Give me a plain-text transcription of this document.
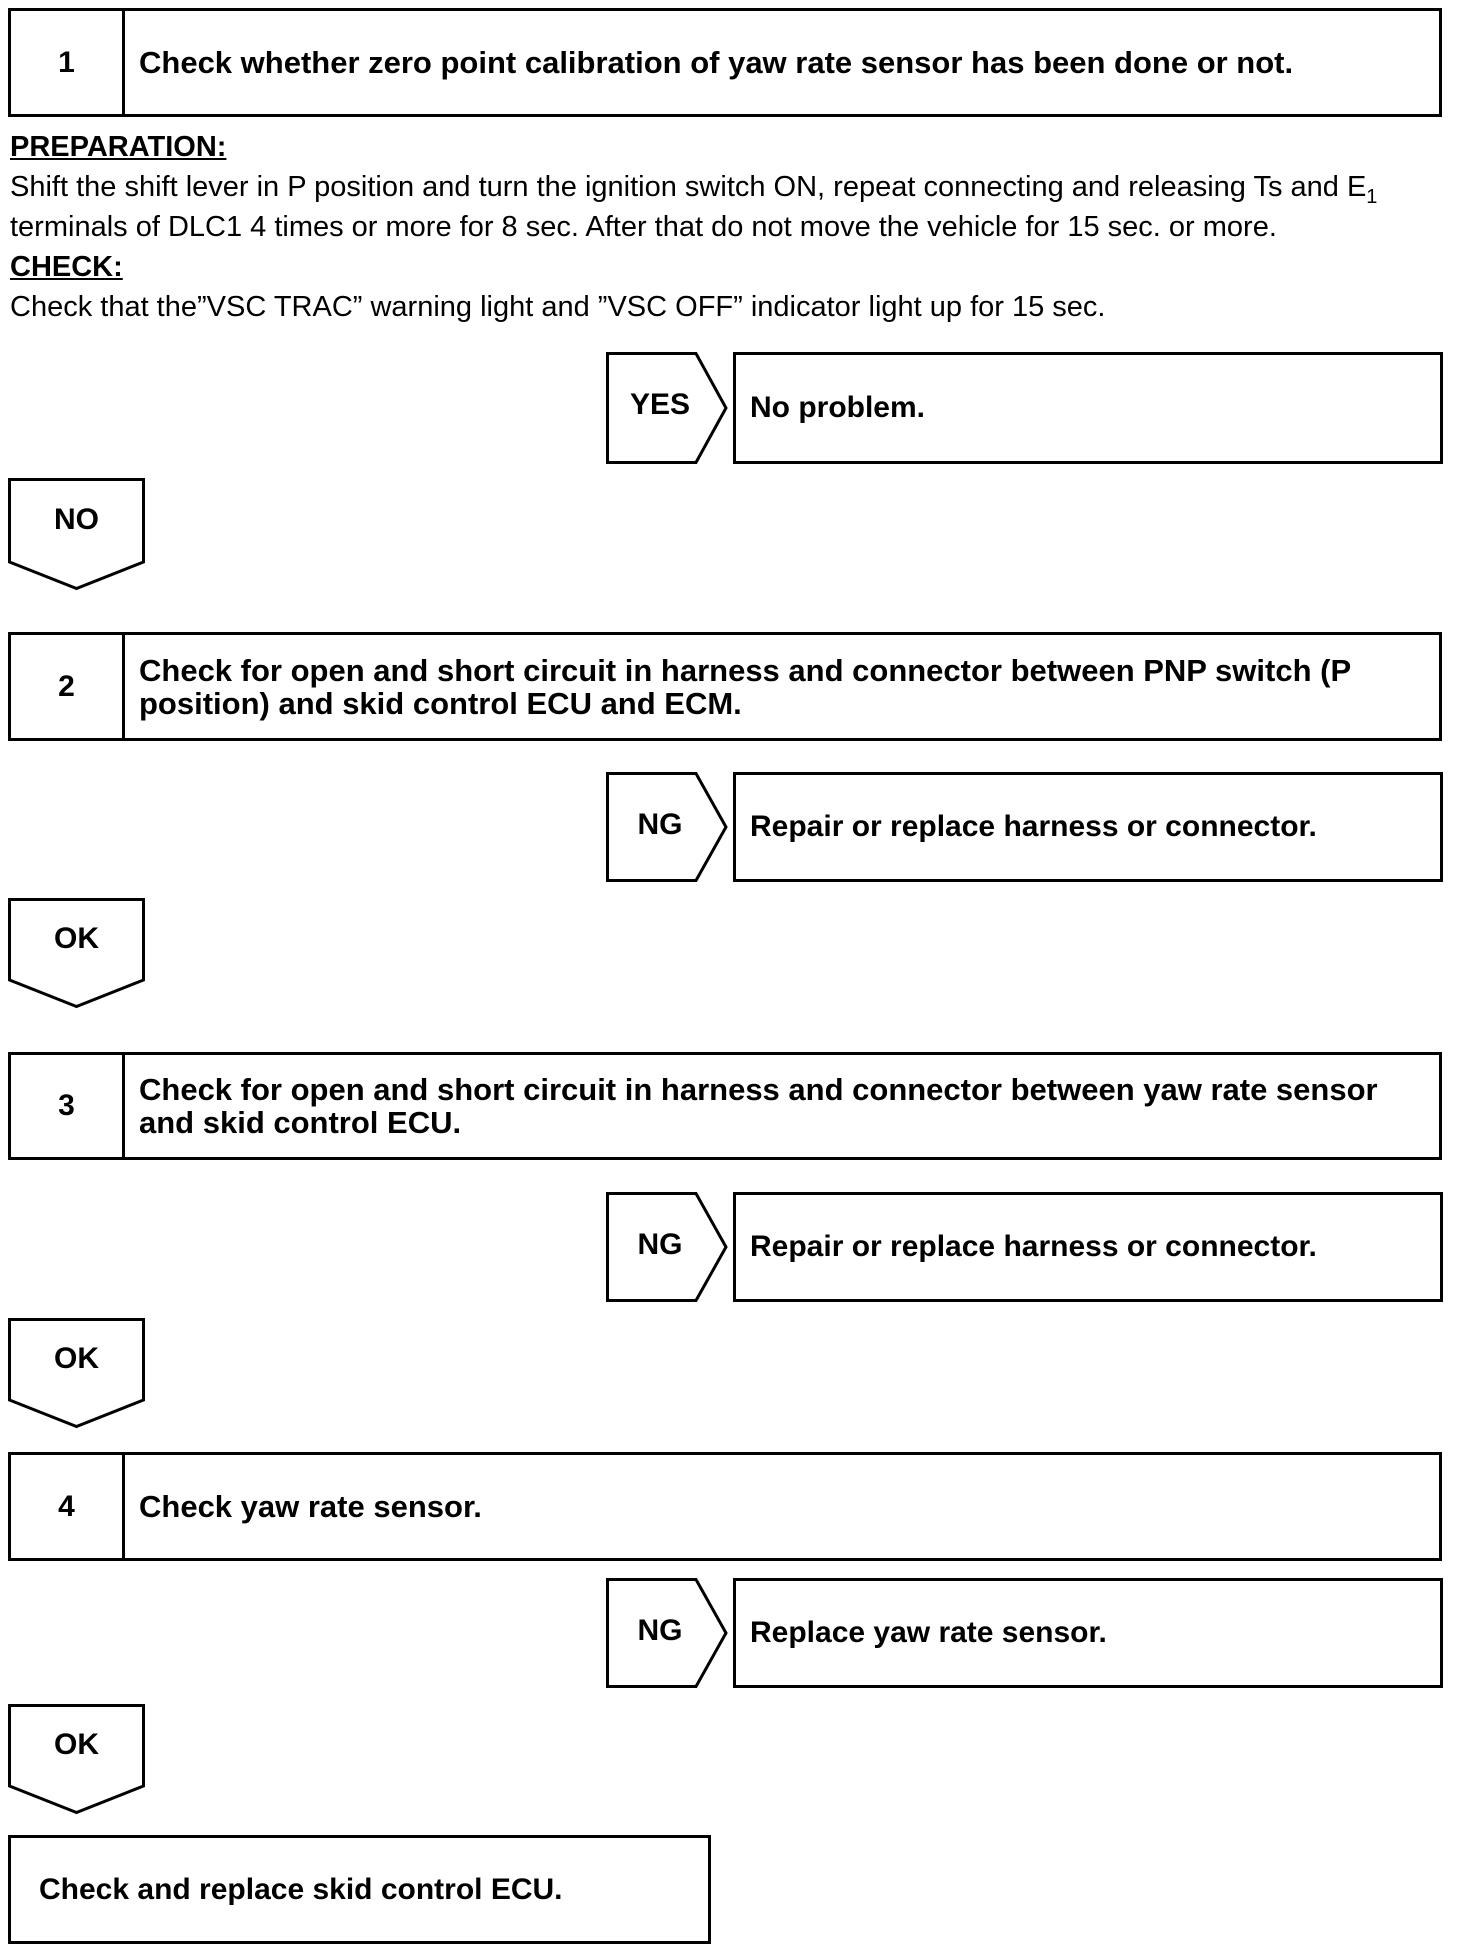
1	Check whether zero point calibration of yaw rate sensor has been done or not.
PREPARATION:
Shift the shift lever in P position and turn the ignition switch ON, repeat connecting and releasing Ts and $E_1$
terminals of DLC1 4 times or more for 8 sec. After that do not move the vehicle for 15 sec. or more.
CHECK:
Check that the”VSC TRAC” warning light and ”VSC OFF” indicator light up for 15 sec.
YES	No problem.
NO
2	Check for open and short circuit in harness and connector between PNP switch (P position) and skid control ECU and ECM.
NG	Repair or replace harness or connector.
OK
3	Check for open and short circuit in harness and connector between yaw rate sensor and skid control ECU.
NG	Repair or replace harness or connector.
OK
4	Check yaw rate sensor.
NG	Replace yaw rate sensor.
OK
Check and replace skid control ECU.
